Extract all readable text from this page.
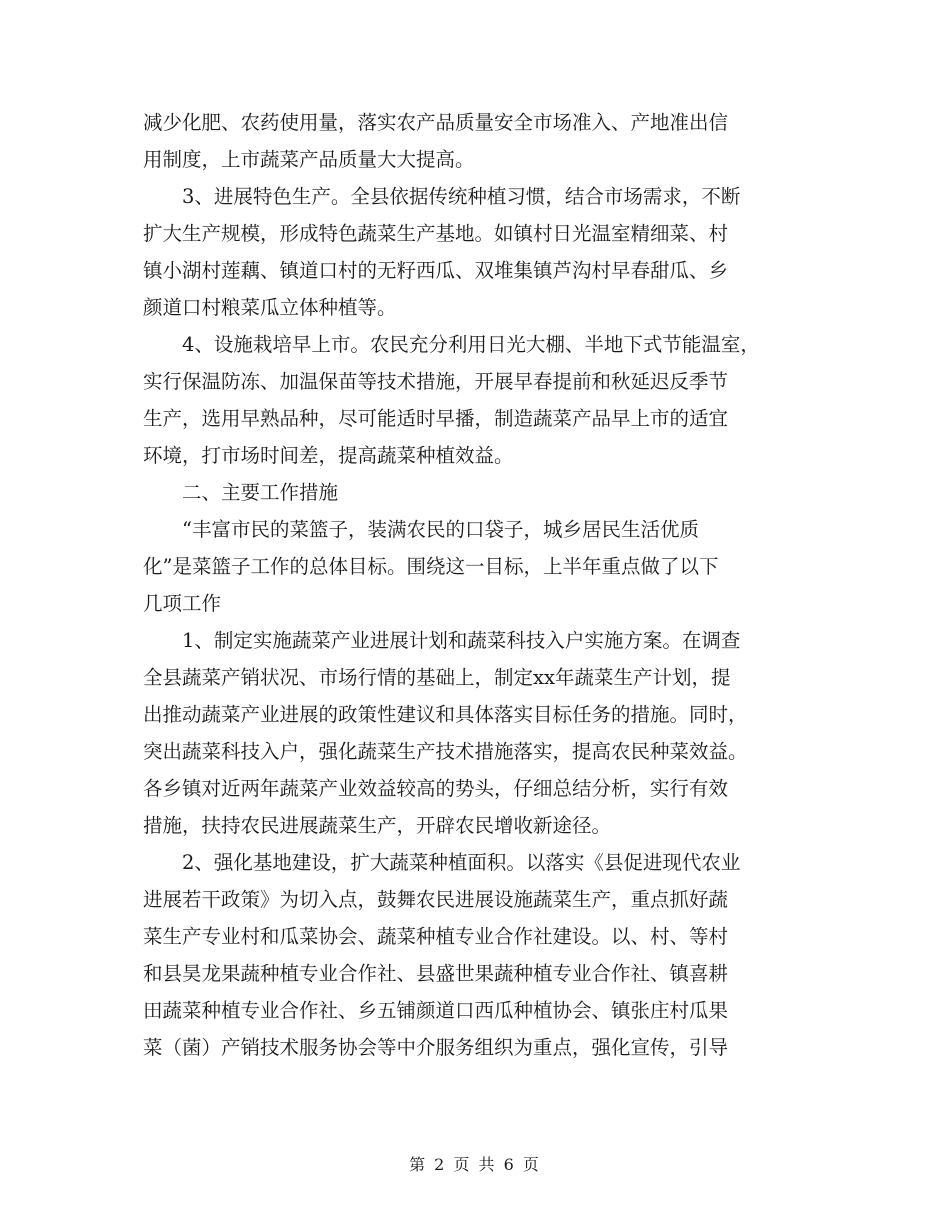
减少化肥、农药使用量，落实农产品质量安全市场准入、产地准出信
用制度，上市蔬菜产品质量大大提高。
3、进展特色生产。全县依据传统种植习惯，结合市场需求，不断
扩大生产规模，形成特色蔬菜生产基地。如镇村日光温室精细菜、村
镇小湖村莲藕、镇道口村的无籽西瓜、双堆集镇芦沟村早春甜瓜、乡
颜道口村粮菜瓜立体种植等。
4、设施栽培早上市。农民充分利用日光大棚、半地下式节能温室，
实行保温防冻、加温保苗等技术措施，开展早春提前和秋延迟反季节
生产，选用早熟品种，尽可能适时早播，制造蔬菜产品早上市的适宜
环境，打市场时间差，提高蔬菜种植效益。
二、主要工作措施
“丰富市民的菜篮子，装满农民的口袋子，城乡居民生活优质
化”是菜篮子工作的总体目标。围绕这一目标，上半年重点做了以下
几项工作
1、制定实施蔬菜产业进展计划和蔬菜科技入户实施方案。在调查
全县蔬菜产销状况、市场行情的基础上，制定xx年蔬菜生产计划，提
出推动蔬菜产业进展的政策性建议和具体落实目标任务的措施。同时，
突出蔬菜科技入户，强化蔬菜生产技术措施落实，提高农民种菜效益。
各乡镇对近两年蔬菜产业效益较高的势头，仔细总结分析，实行有效
措施，扶持农民进展蔬菜生产，开辟农民增收新途径。
2、强化基地建设，扩大蔬菜种植面积。以落实《县促进现代农业
进展若干政策》为切入点，鼓舞农民进展设施蔬菜生产，重点抓好蔬
菜生产专业村和瓜菜协会、蔬菜种植专业合作社建设。以、村、等村
和县昊龙果蔬种植专业合作社、县盛世果蔬种植专业合作社、镇喜耕
田蔬菜种植专业合作社、乡五铺颜道口西瓜种植协会、镇张庄村瓜果
菜（菌）产销技术服务协会等中介服务组织为重点，强化宣传，引导
第 2 页 共 6 页
